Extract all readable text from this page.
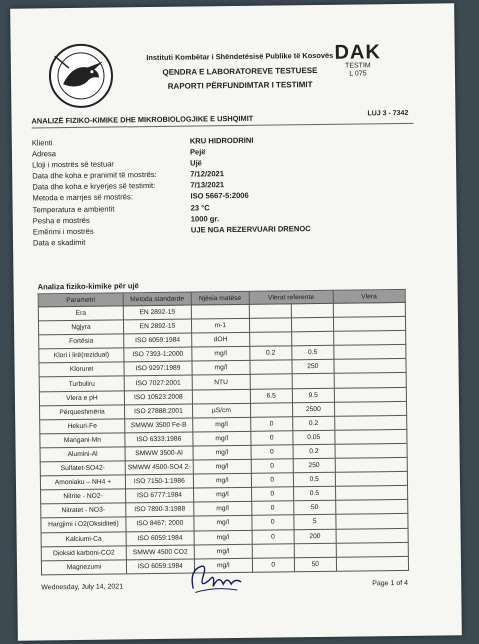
Instituti Kombëtar i Shëndetësisë Publike të Kosovës
QENDRA E LABORATOREVE TESTUESE
RAPORTI PËRFUNDIMTAR I TESTIMIT
DAK
TESTIM
L 075
ANALIZË FIZIKO-KIMIKE DHE MIKROBIOLOGJIKE E USHQIMIT
LUJ 3 - 7342
Klienti	KRU HIDRODRINI
Adresa	Pejë
Lloji i mostrës së testuar	Ujë
Data dhe koha e pranimit të mostrës:	7/12/2021
Data dhe koha e kryerjes së testimit:	7/13/2021
Metoda e marrjes së mostrës:	ISO 5667-5:2006
Temperatura e ambientit	23 °C
Pesha e mostrës	1000 gr.
Emërimi i mostrës	UJE NGA REZERVUARI DRENOC
Data e skadimit
Analiza fiziko-kimike për ujë
Parametri	Metoda standarde	Njësia matëse	Vlerat referente		Vlera
Era	EN 2892-15				
Ngjyra	EN 2892-15	m-1			
Fortësia	ISO 6059:1984	dOH			
Klori i lirë(rezidual)	ISO 7393-1:2000	mg/l	0.2	0.5	
Kloruret	ISO 9297:1989	mg/l		250	
Turbuliru	ISO 7027:2001	NTU			
Vlera e pH	ISO 10523:2008		6.5	9.5	
Përqueshmëria	ISO 27888:2001	µS/cm		2500	
Hekuri-Fe	SMWW 3500 Fe-B	mg/l	0	0.2	
Mangani-Mn	ISO 6333:1986	mg/l	0	0.05	
Alumini-Al	SMWW 3500-Al	mg/l	0	0.2	
Sulfatet-SO42-	SMWW 4500-SO4 2-	mg/l	0	250	
Amoniaku – NH4 +	ISO 7150-1:1986	mg/l	0	0.5	
Nitrite - NO2-	ISO 6777:1984	mg/l	0	0.5	
Nitratet - NO3-	ISO 7890-3:1988	mg/l	0	50	
Hargjimi i O2(Oksiditeti)	ISO 8467: 2000	mg/l	0	5	
Kalciumi-Ca	ISO 6059:1984	mg/l	0	200	
Dioksid karboni-CO2	SMWW 4500 CO2	mg/l			
Magnezumi	ISO 6059:1984	mg/l	0	50	
Wednesday, July 14, 2021	Page 1 of 4
